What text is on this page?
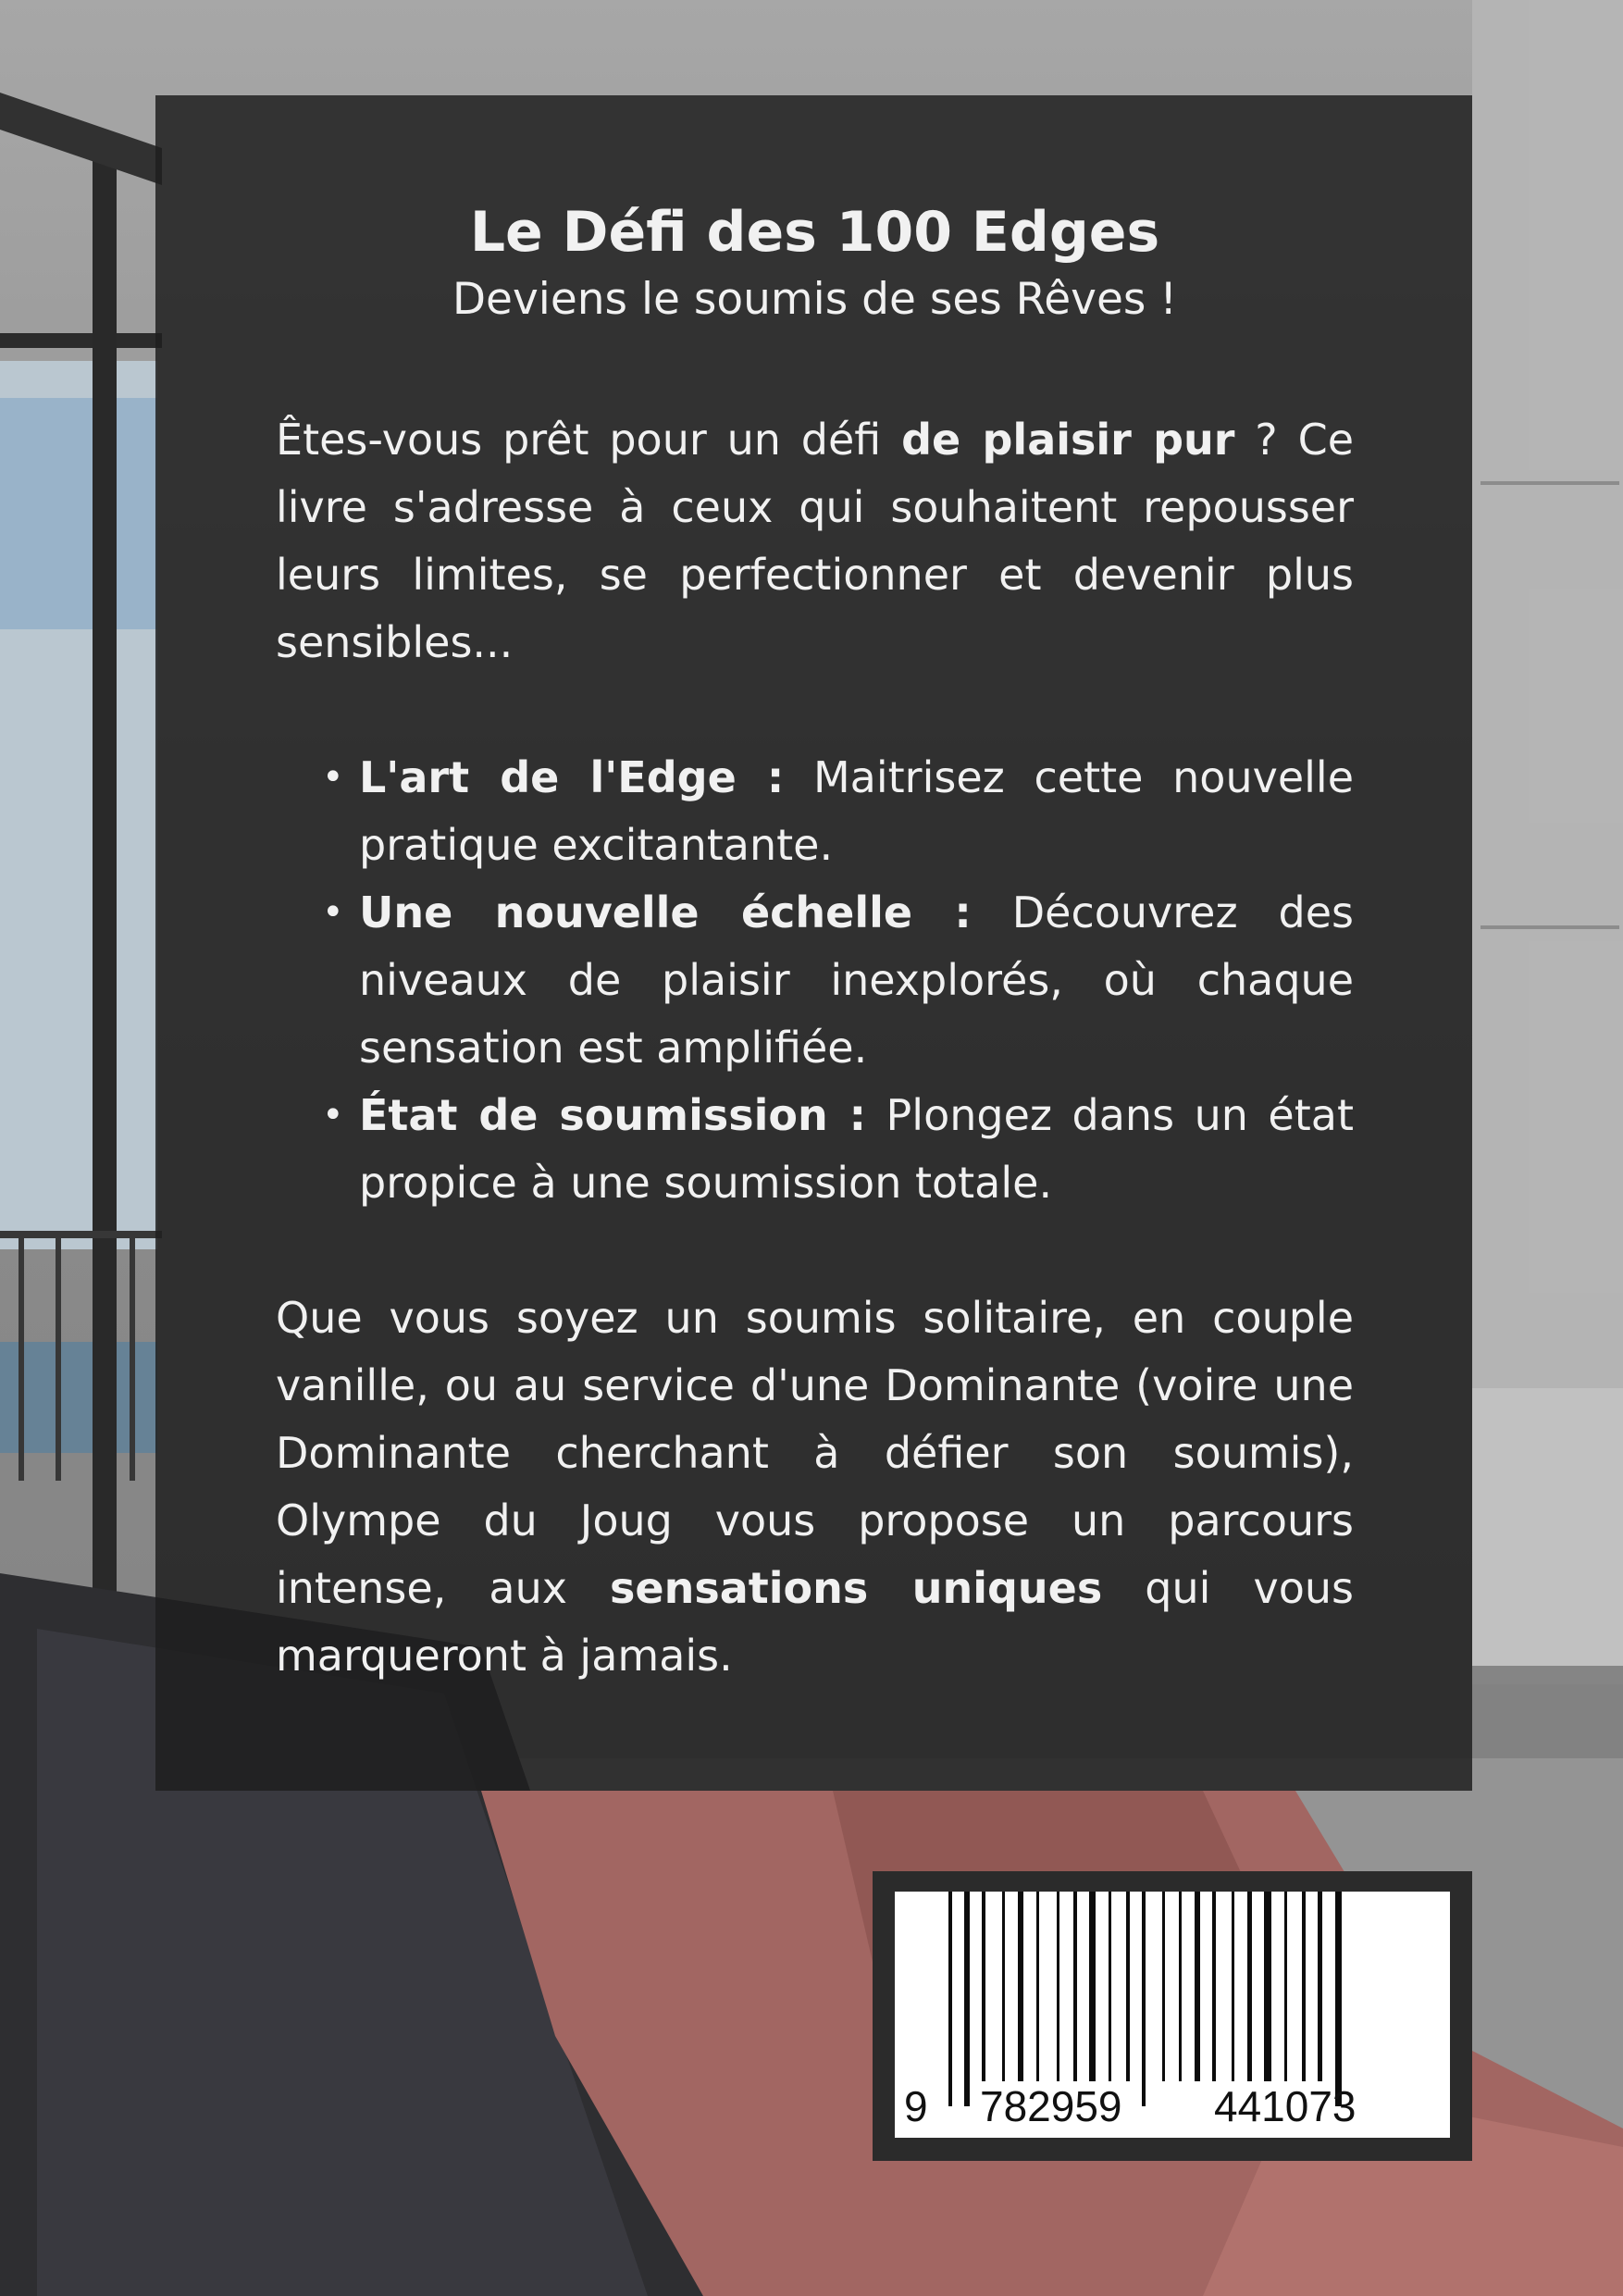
Le Défi des 100 Edges

Deviens le soumis de ses Rêves !

Êtes-vous prêt pour un défi de plaisir pur ? Ce livre s'adresse à ceux qui souhaitent repousser leurs limites, se perfectionner et devenir plus sensibles...

• L'art de l'Edge : Maitrisez cette nouvelle pratique excitantante.
• Une nouvelle échelle : Découvrez des niveaux de plaisir inexplorés, où chaque sensation est amplifiée.
• État de soumission : Plongez dans un état propice à une soumission totale.

Que vous soyez un soumis solitaire, en couple vanille, ou au service d'une Dominante (voire une Dominante cherchant à défier son soumis), Olympe du Joug vous propose un parcours intense, aux sensations uniques qui vous marqueront à jamais.

9 782959 441073
